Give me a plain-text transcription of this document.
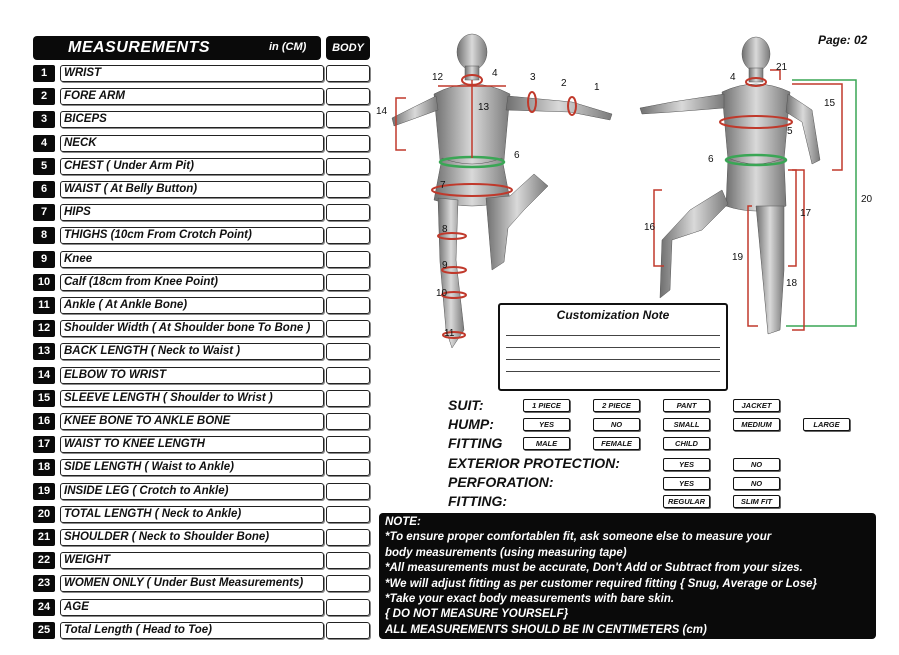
Page: 02
MEASUREMENTS	in (CM)	BODY
1	WRIST
2	FORE ARM
3	BICEPS
4	NECK
5	CHEST ( Under Arm Pit)
6	WAIST ( At Belly Button)
7	HIPS
8	THIGHS (10cm From Crotch Point)
9	Knee
10	Calf (18cm from Knee Point)
11	Ankle ( At Ankle Bone)
12	Shoulder Width ( At Shoulder bone To Bone )
13	BACK LENGTH ( Neck to Waist )
14	ELBOW TO WRIST
15	SLEEVE LENGTH ( Shoulder to Wrist )
16	KNEE BONE TO ANKLE BONE
17	WAIST TO KNEE LENGTH
18	SIDE LENGTH ( Waist to Ankle)
19	INSIDE LEG ( Crotch to Ankle)
20	TOTAL LENGTH ( Neck to Ankle)
21	SHOULDER ( Neck to Shoulder Bone)
22	WEIGHT
23	WOMEN ONLY ( Under Bust Measurements)
24	AGE
25	Total Length ( Head to Toe)
12	4	3
2	1
14	13
6
7
8
9
10
11
21
4
15
5
6
20
16
17
19
18
Customization Note
SUIT:	1 PIECE	2 PIECE	PANT	JACKET
HUMP:	YES	NO	SMALL	MEDIUM	LARGE
FITTING	MALE	FEMALE	CHILD
EXTERIOR PROTECTION:	YES	NO
PERFORATION:	YES	NO
FITTING:	REGULAR	SLIM FIT
NOTE:
*To ensure proper comfortablen fit, ask someone else to measure your
body measurements (using measuring tape)
*All measurements must be accurate, Don't Add or Subtract from your sizes.
*We will adjust fitting as per customer required fitting { Snug, Average or Lose}
*Take your exact body measurements with bare skin.
{ DO NOT MEASURE YOURSELF}
ALL MEASUREMENTS SHOULD BE IN CENTIMETERS (cm)
